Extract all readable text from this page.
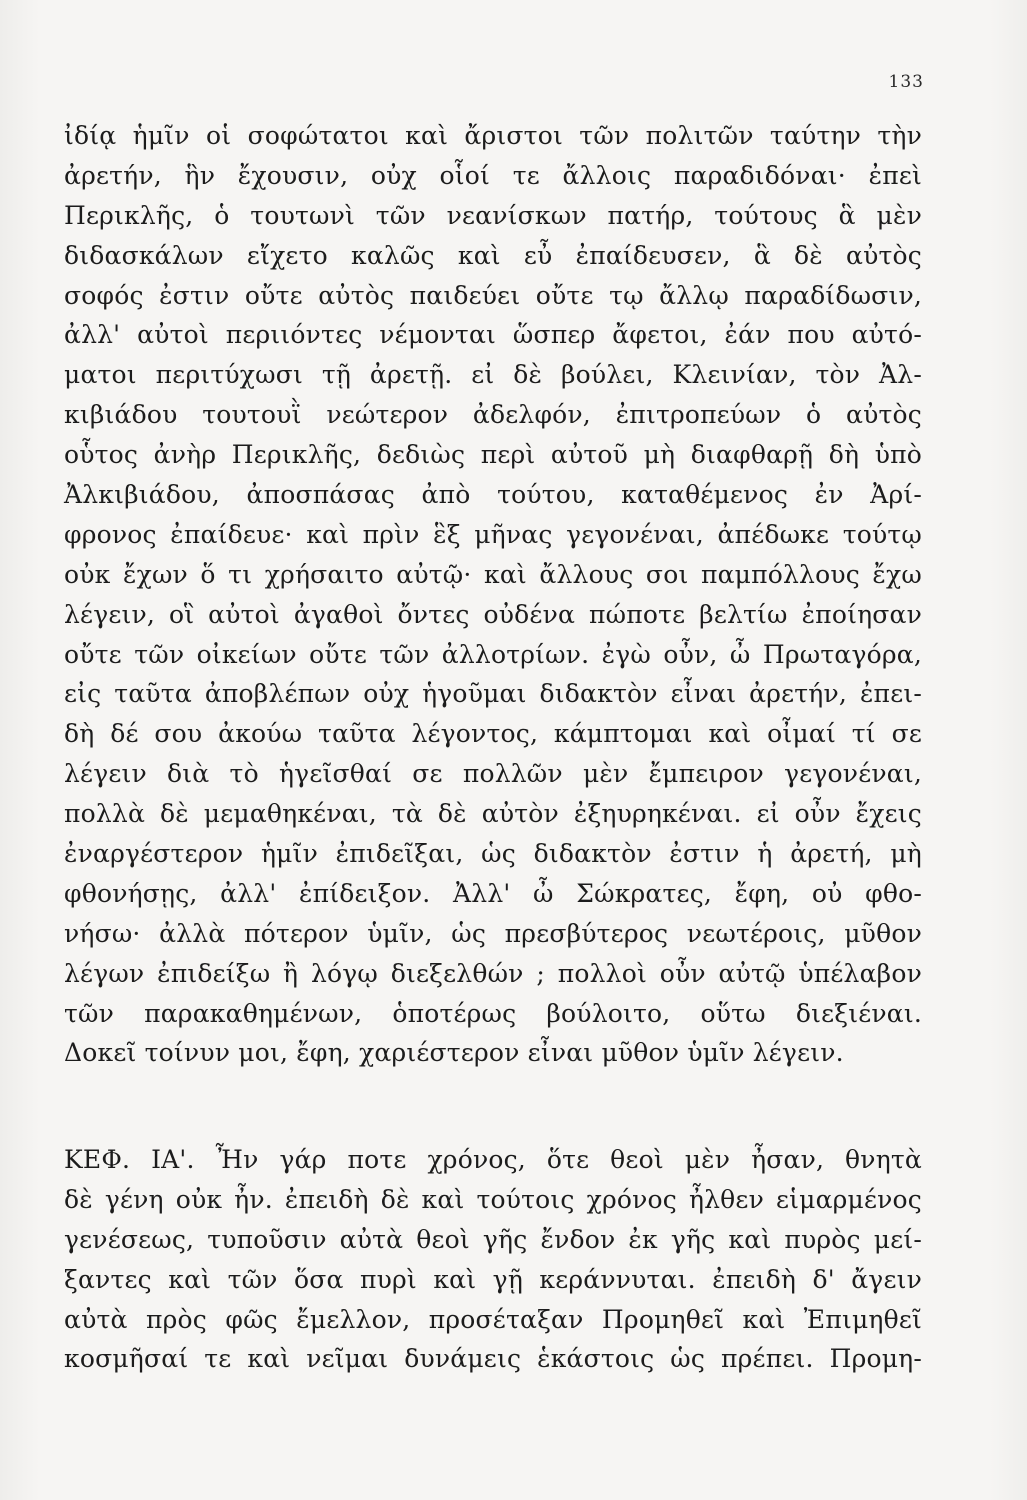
133
ἰδίᾳ ἡμῖν οἱ σοφώτατοι καὶ ἄριστοι τῶν πολιτῶν ταύτην τὴν
ἀρετήν, ἣν ἔχουσιν, οὐχ οἷοί τε ἄλλοις παραδιδόναι· ἐπεὶ
Περικλῆς, ὁ τουτωνὶ τῶν νεανίσκων πατήρ, τούτους ἃ μὲν
διδασκάλων εἴχετο καλῶς καὶ εὖ ἐπαίδευσεν, ἃ δὲ αὐτὸς
σοφός ἐστιν οὔτε αὐτὸς παιδεύει οὔτε τῳ ἄλλῳ παραδίδωσιν,
ἀλλ' αὐτοὶ περιιόντες νέμονται ὥσπερ ἄφετοι, ἐάν που αὐτό-
ματοι περιτύχωσι τῇ ἀρετῇ. εἰ δὲ βούλει, Κλεινίαν, τὸν Ἀλ-
κιβιάδου τουτουῒ νεώτερον ἀδελφόν, ἐπιτροπεύων ὁ αὐτὸς
οὗτος ἀνὴρ Περικλῆς, δεδιὼς περὶ αὐτοῦ μὴ διαφθαρῇ δὴ ὑπὸ
Ἀλκιβιάδου, ἀποσπάσας ἀπὸ τούτου, καταθέμενος ἐν Ἀρί-
φρονος ἐπαίδευε· καὶ πρὶν ἓξ μῆνας γεγονέναι, ἀπέδωκε τούτῳ
οὐκ ἔχων ὅ τι χρήσαιτο αὐτῷ· καὶ ἄλλους σοι παμπόλλους ἔχω
λέγειν, οἳ αὐτοὶ ἀγαθοὶ ὄντες οὐδένα πώποτε βελτίω ἐποίησαν
οὔτε τῶν οἰκείων οὔτε τῶν ἀλλοτρίων. ἐγὼ οὖν, ὦ Πρωταγόρα,
εἰς ταῦτα ἀποβλέπων οὐχ ἡγοῦμαι διδακτὸν εἶναι ἀρετήν, ἐπει-
δὴ δέ σου ἀκούω ταῦτα λέγοντος, κάμπτομαι καὶ οἶμαί τί σε
λέγειν διὰ τὸ ἡγεῖσθαί σε πολλῶν μὲν ἔμπειρον γεγονέναι,
πολλὰ δὲ μεμαθηκέναι, τὰ δὲ αὐτὸν ἐξηυρηκέναι. εἰ οὖν ἔχεις
ἐναργέστερον ἡμῖν ἐπιδεῖξαι, ὡς διδακτὸν ἐστιν ἡ ἀρετή, μὴ
φθονήσῃς, ἀλλ' ἐπίδειξον. Ἀλλ' ὦ Σώκρατες, ἔφη, οὐ φθο-
νήσω· ἀλλὰ πότερον ὑμῖν, ὡς πρεσβύτερος νεωτέροις, μῦθον
λέγων ἐπιδείξω ἢ λόγῳ διεξελθών ; πολλοὶ οὖν αὐτῷ ὑπέλαβον
τῶν παρακαθημένων, ὁποτέρως βούλοιτο, οὕτω διεξιέναι.
Δοκεῖ τοίνυν μοι, ἔφη, χαριέστερον εἶναι μῦθον ὑμῖν λέγειν.
ΚΕΦ. ΙΑ'. Ἦν γάρ ποτε χρόνος, ὅτε θεοὶ μὲν ἦσαν, θνητὰ
δὲ γένη οὐκ ἦν. ἐπειδὴ δὲ καὶ τούτοις χρόνος ἦλθεν εἱμαρμένος
γενέσεως, τυποῦσιν αὐτὰ θεοὶ γῆς ἔνδον ἐκ γῆς καὶ πυρὸς μεί-
ξαντες καὶ τῶν ὅσα πυρὶ καὶ γῇ κεράννυται. ἐπειδὴ δ' ἄγειν
αὐτὰ πρὸς φῶς ἔμελλον, προσέταξαν Προμηθεῖ καὶ Ἐπιμηθεῖ
κοσμῆσαί τε καὶ νεῖμαι δυνάμεις ἑκάστοις ὡς πρέπει. Προμη-
